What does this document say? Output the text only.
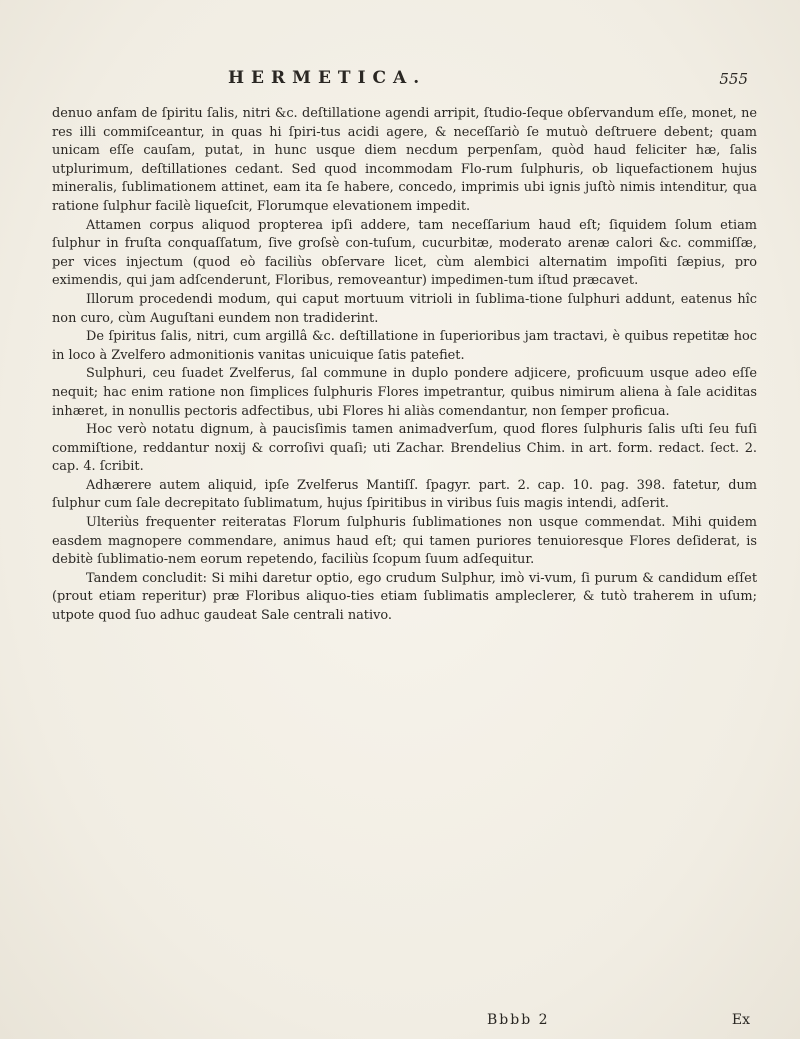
HERMETICA.	555

denuo anfam de ſpiritu ſalis, nitri &c. deſtillatione agendi arripit, ſtudio-ſeque obſervandum eſſe, monet, ne res illi commiſceantur, in quas hi ſpiri-tus acidi agere, & neceſſariò ſe mutuò deſtruere debent; quam unicam eſſe cauſam, putat, in hunc usque diem necdum perpenſam, quòd haud feliciter hæ, ſalis utplurimum, deſtillationes cedant. Sed quod incommodam Flo-rum ſulphuris, ob liquefactionem hujus mineralis, ſublimationem attinet, eam ita ſe habere, concedo, imprimis ubi ignis juſtò nimis intenditur, qua ratione ſulphur facilè liqueſcit, Florumque elevationem impedit.

Attamen corpus aliquod propterea ipſi addere, tam neceſſarium haud eſt; ſiquidem ſolum etiam ſulphur in fruſta conquaſſatum, ſive groſsè con-tuſum, cucurbitæ, moderato arenæ calori &c. commiſſæ, per vices injectum (quod eò faciliùs obſervare licet, cùm alembici alternatim impoſiti ſæpius, pro eximendis, qui jam adſcenderunt, Floribus, removeantur) impedimen-tum iſtud præcavet.

Illorum procedendi modum, qui caput mortuum vitrioli in ſublima-tione ſulphuri addunt, eatenus hîc non curo, cùm Auguſtani eundem non tradiderint.

De ſpiritus ſalis, nitri, cum argillâ &c. deſtillatione in ſuperioribus jam tractavi, è quibus repetitæ hoc in loco à Zvelfero admonitionis vanitas unicuique ſatis patefiet.

Sulphuri, ceu ſuadet Zvelferus, ſal commune in duplo pondere adjicere, proficuum usque adeo eſſe nequit; hac enim ratione non ſimplices ſulphuris Flores impetrantur, quibus nimirum aliena à ſale aciditas inhæret, in nonullis pectoris adfectibus, ubi Flores hi aliàs comendantur, non ſemper proficua.

Hoc verò notatu dignum, à paucisſimis tamen animadverſum, quod flores ſulphuris ſalis uſti ſeu fuſi commiſtione, reddantur noxij & corroſivi quaſi; uti Zachar. Brendelius Chim. in art. form. redact. ſect. 2. cap. 4. ſcribit.

Adhærere autem aliquid, ipſe Zvelferus Mantiſſ. ſpagyr. part. 2. cap. 10. pag. 398. fatetur, dum ſulphur cum ſale decrepitato ſublimatum, hujus ſpiritibus in viribus ſuis magis intendi, adſerit.

Ulteriùs frequenter reiteratas Florum ſulphuris ſublimationes non usque commendat. Mihi quidem easdem magnopere commendare, animus haud eſt; qui tamen puriores tenuioresque Flores deſiderat, is debitè ſublimatio-nem eorum repetendo, faciliùs ſcopum ſuum adſequitur.

Tandem concludit: Si mihi daretur optio, ego crudum Sulphur, imò vi-vum, ſi purum & candidum eſſet (prout etiam reperitur) præ Floribus aliquo-ties etiam ſublimatis ampleclerer, & tutò traherem in uſum; utpote quod ſuo adhuc gaudeat Sale centrali nativo.

Bbbb 2	Ex
